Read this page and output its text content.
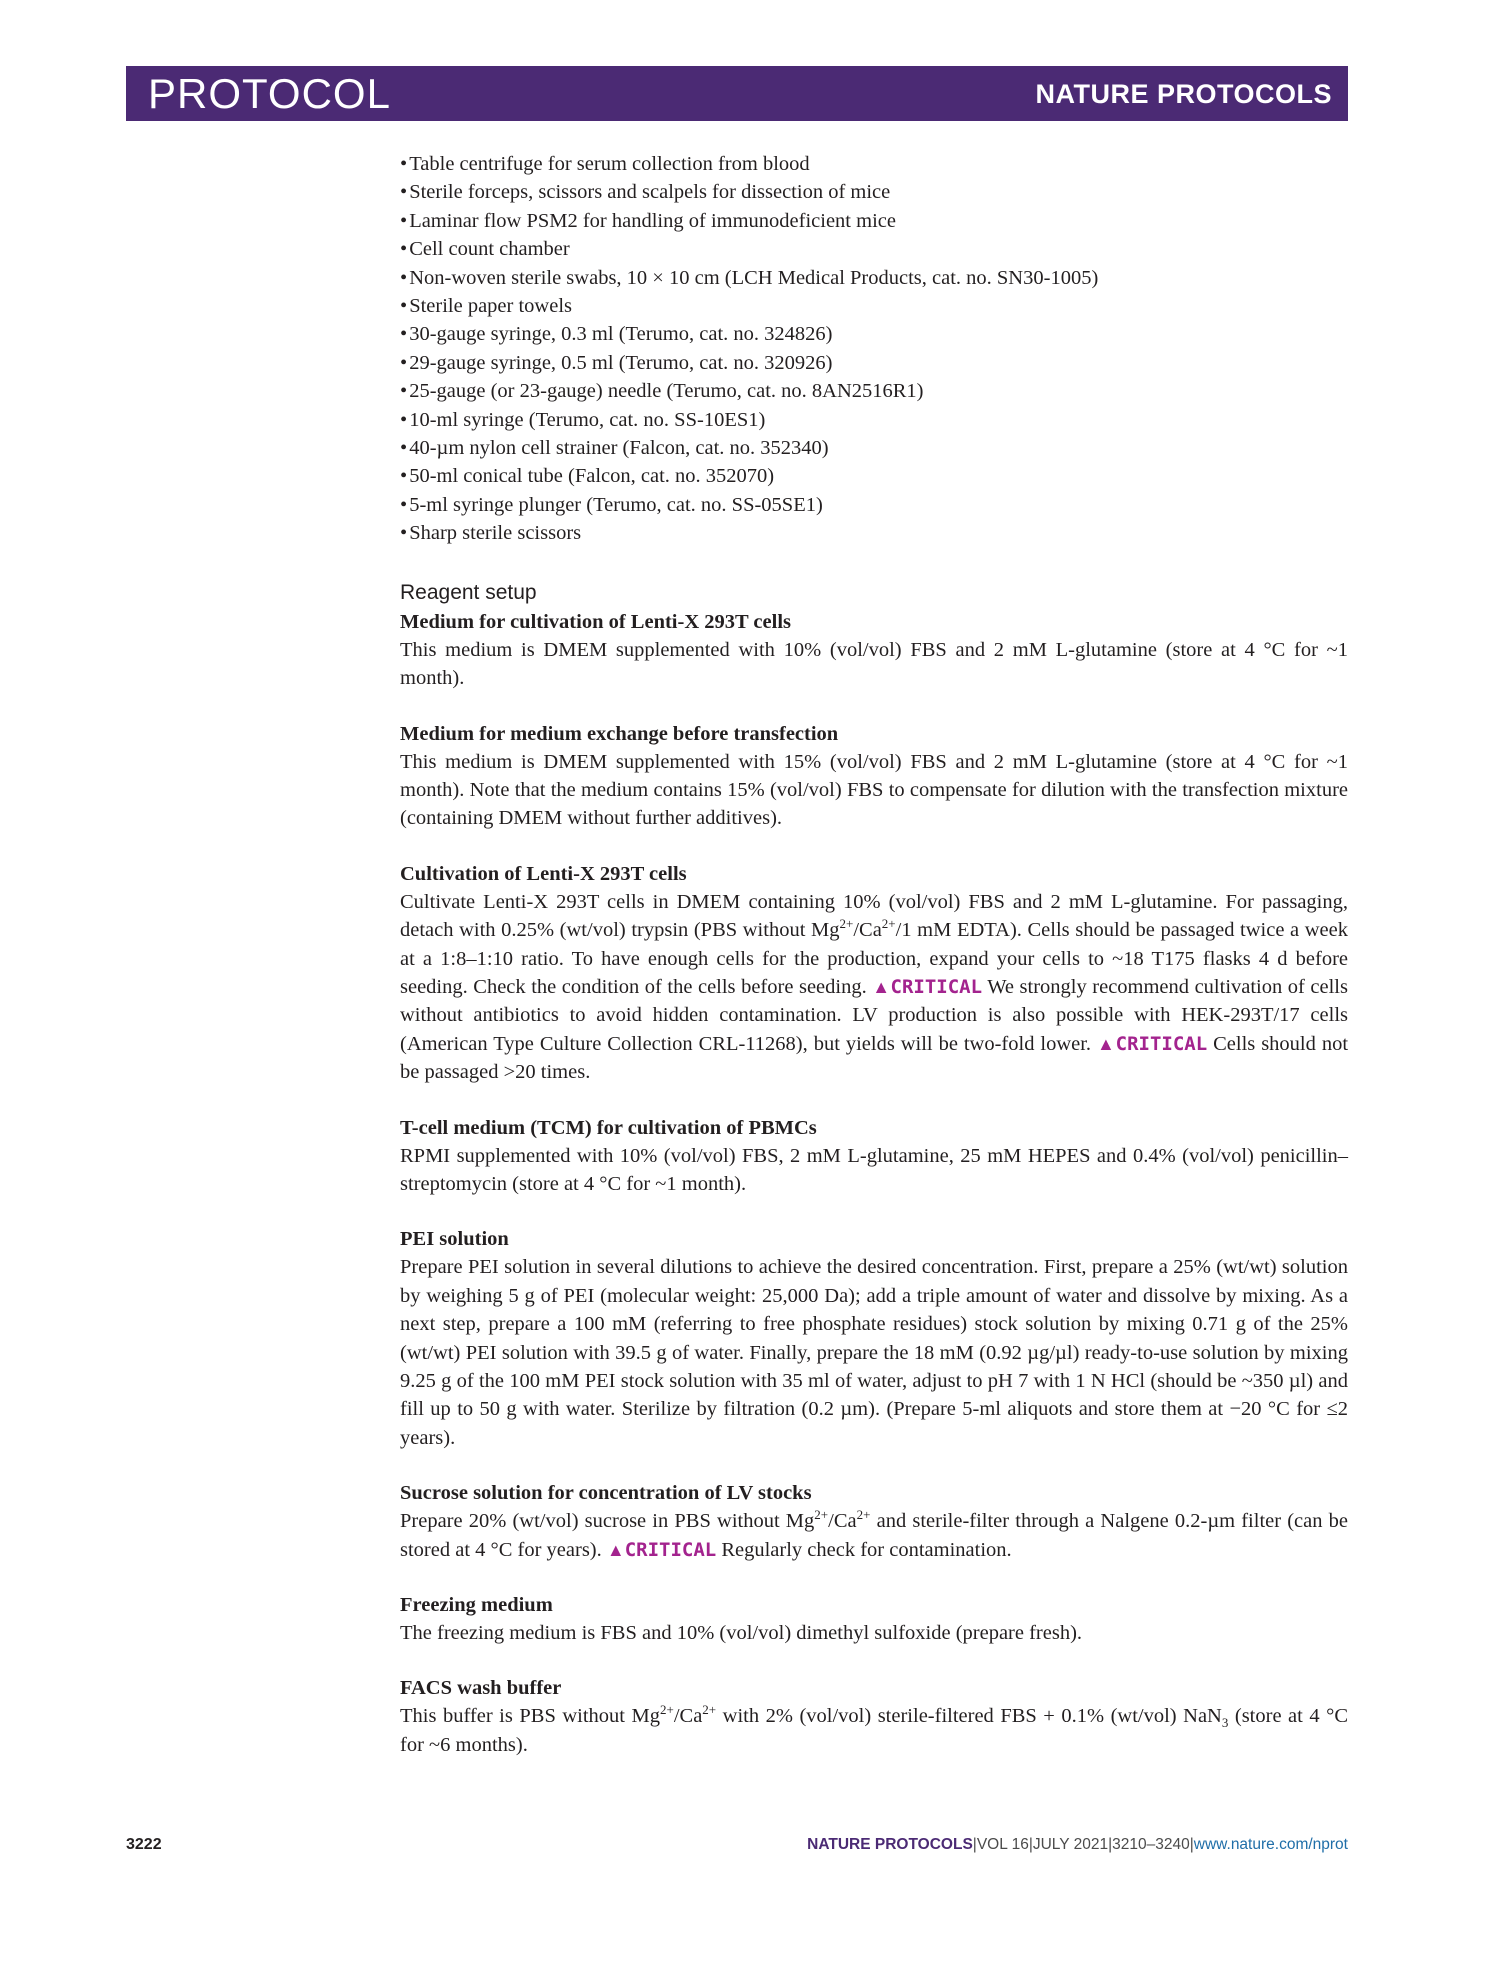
PROTOCOL	NATURE PROTOCOLS
• Table centrifuge for serum collection from blood
• Sterile forceps, scissors and scalpels for dissection of mice
• Laminar flow PSM2 for handling of immunodeficient mice
• Cell count chamber
• Non-woven sterile swabs, 10 × 10 cm (LCH Medical Products, cat. no. SN30-1005)
• Sterile paper towels
• 30-gauge syringe, 0.3 ml (Terumo, cat. no. 324826)
• 29-gauge syringe, 0.5 ml (Terumo, cat. no. 320926)
• 25-gauge (or 23-gauge) needle (Terumo, cat. no. 8AN2516R1)
• 10-ml syringe (Terumo, cat. no. SS-10ES1)
• 40-µm nylon cell strainer (Falcon, cat. no. 352340)
• 50-ml conical tube (Falcon, cat. no. 352070)
• 5-ml syringe plunger (Terumo, cat. no. SS-05SE1)
• Sharp sterile scissors
Reagent setup
Medium for cultivation of Lenti-X 293T cells

This medium is DMEM supplemented with 10% (vol/vol) FBS and 2 mM L-glutamine (store at 4 °C for ~1 month).

Medium for medium exchange before transfection

This medium is DMEM supplemented with 15% (vol/vol) FBS and 2 mM L-glutamine (store at 4 °C for ~1 month). Note that the medium contains 15% (vol/vol) FBS to compensate for dilution with the transfection mixture (containing DMEM without further additives).

Cultivation of Lenti-X 293T cells

Cultivate Lenti-X 293T cells in DMEM containing 10% (vol/vol) FBS and 2 mM L-glutamine. For passaging, detach with 0.25% (wt/vol) trypsin (PBS without $Mg^{2+}/Ca^{2+}/1$ mM EDTA). Cells should be passaged twice a week at a 1:8–1:10 ratio. To have enough cells for the production, expand your cells to ~18 T175 flasks 4 d before seeding. Check the condition of the cells before seeding. ▲CRITICAL We strongly recommend cultivation of cells without antibiotics to avoid hidden contamination. LV production is also possible with HEK-293T/17 cells (American Type Culture Collection CRL-11268), but yields will be two-fold lower. ▲CRITICAL Cells should not be passaged >20 times.

T-cell medium (TCM) for cultivation of PBMCs

RPMI supplemented with 10% (vol/vol) FBS, 2 mM L-glutamine, 25 mM HEPES and 0.4% (vol/vol) penicillin–streptomycin (store at 4 °C for ~1 month).

PEI solution

Prepare PEI solution in several dilutions to achieve the desired concentration. First, prepare a 25% (wt/wt) solution by weighing 5 g of PEI (molecular weight: 25,000 Da); add a triple amount of water and dissolve by mixing. As a next step, prepare a 100 mM (referring to free phosphate residues) stock solution by mixing 0.71 g of the 25% (wt/wt) PEI solution with 39.5 g of water. Finally, prepare the 18 mM (0.92 µg/µl) ready-to-use solution by mixing 9.25 g of the 100 mM PEI stock solution with 35 ml of water, adjust to pH 7 with 1 N HCl (should be ~350 µl) and fill up to 50 g with water. Sterilize by filtration (0.2 µm). (Prepare 5-ml aliquots and store them at −20 °C for ≤2 years).

Sucrose solution for concentration of LV stocks

Prepare 20% (wt/vol) sucrose in PBS without $Mg^{2+}/Ca^{2+}$ and sterile-filter through a Nalgene 0.2-µm filter (can be stored at 4 °C for years). ▲CRITICAL Regularly check for contamination.

Freezing medium

The freezing medium is FBS and 10% (vol/vol) dimethyl sulfoxide (prepare fresh).

FACS wash buffer

This buffer is PBS without $Mg^{2+}/Ca^{2+}$ with 2% (vol/vol) sterile-filtered FBS + 0.1% (wt/vol) NaN$_3$ (store at 4 °C for ~6 months).

3222	NATURE PROTOCOLS|VOL 16|JULY 2021|3210–3240|www.nature.com/nprot
